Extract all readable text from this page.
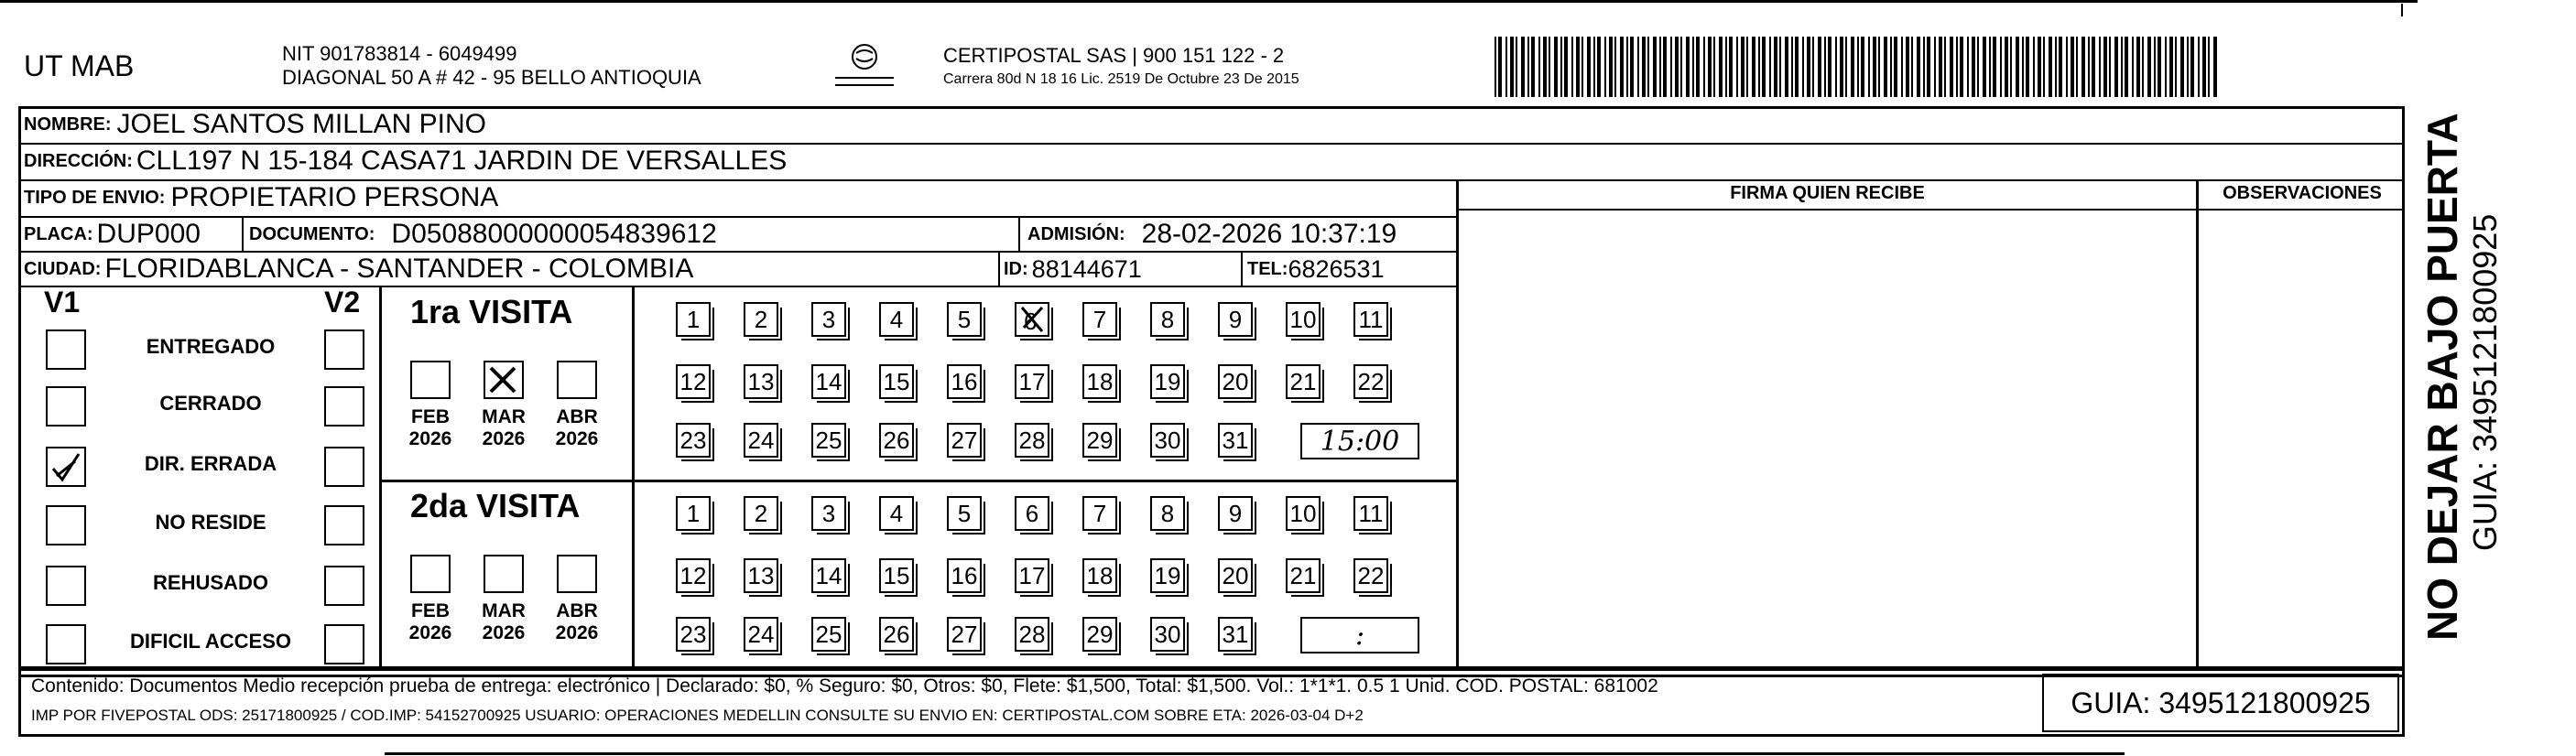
UT MAB	NIT 901783814 - 6049499
DIAGONAL 50 A # 42 - 95 BELLO ANTIOQUIA
CERTIPOSTAL SAS | 900 151 122 - 2
Carrera 80d N 18 16 Lic. 2519 De Octubre 23 De 2015
NOMBRE: JOEL SANTOS MILLAN PINO
DIRECCIÓN: CLL197 N 15-184 CASA71 JARDIN DE VERSALLES
TIPO DE ENVIO: PROPIETARIO PERSONA
PLACA: DUP000	DOCUMENTO: D05088000000054839612	ADMISIÓN: 28-02-2026 10:37:19
CIUDAD: FLORIDABLANCA - SANTANDER - COLOMBIA	ID: 88144671	TEL: 6826531
FIRMA QUIEN RECIBE	OBSERVACIONES
V1	V2
ENTREGADO
CERRADO
DIR. ERRADA
NO RESIDE
REHUSADO
DIFICIL ACCESO
1ra VISITA
FEB
2026
MAR
2026
ABR
2026
1	2	3	4	5	6	7	8	9	10 11
12 13 14 15 16 17 18 19 20 21 22
23 24 25 26 27 28 29 30 31	15:00
2da VISITA
FEB
2026
MAR
2026
ABR
2026
1	2	3	4	5	6	7	8	9	10 11
12 13 14 15 16 17 18 19 20 21 22
23 24 25 26 27 28 29 30 31	:
Contenido: Documentos Medio recepción prueba de entrega: electrónico | Declarado: $0, % Seguro: $0, Otros: $0, Flete: $1,500, Total: $1,500. Vol.: 1*1*1. 0.5 1 Unid. COD. POSTAL: 681002
IMP POR FIVEPOSTAL ODS: 25171800925 / COD.IMP: 54152700925 USUARIO: OPERACIONES MEDELLIN CONSULTE SU ENVIO EN: CERTIPOSTAL.COM SOBRE ETA: 2026-03-04 D+2	GUIA: 3495121800925
NO DEJAR BAJO PUERTA GUIA: 3495121800925
